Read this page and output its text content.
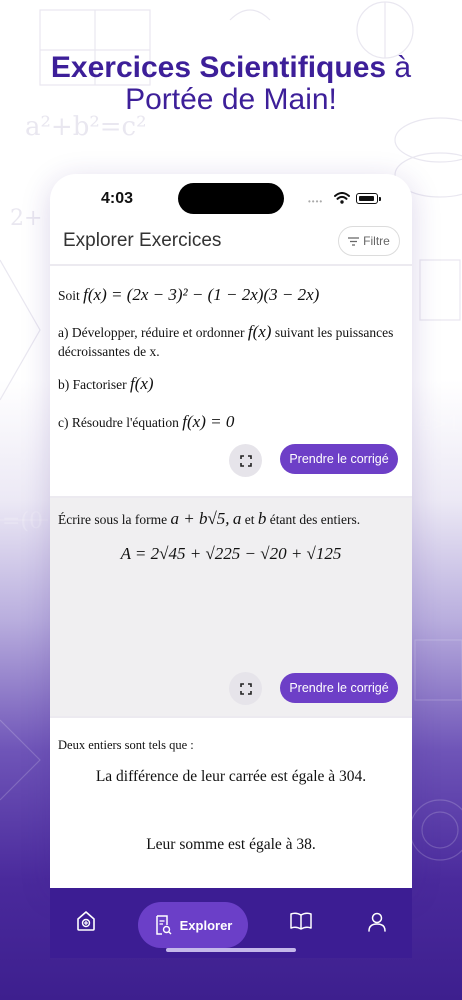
a²+b²=c²
2+
=(0
4>1
Exercices Scientifiques à
Portée de Main!
4:03	••••
Explorer Exercices	Filtre
Soit f(x) = (2x − 3)² − (1 − 2x)(3 − 2x)
a) Développer, réduire et ordonner f(x) suivant les puissances
décroissantes de x.
b) Factoriser f(x)
c) Résoudre l'équation f(x) = 0
Prendre le corrigé
Écrire sous la forme a + b√5, a et b étant des entiers.
A = 2√45 + √225 − √20 + √125
Prendre le corrigé
Deux entiers sont tels que :
La différence de leur carrée est égale à 304.
Leur somme est égale à 38.
Explorer
